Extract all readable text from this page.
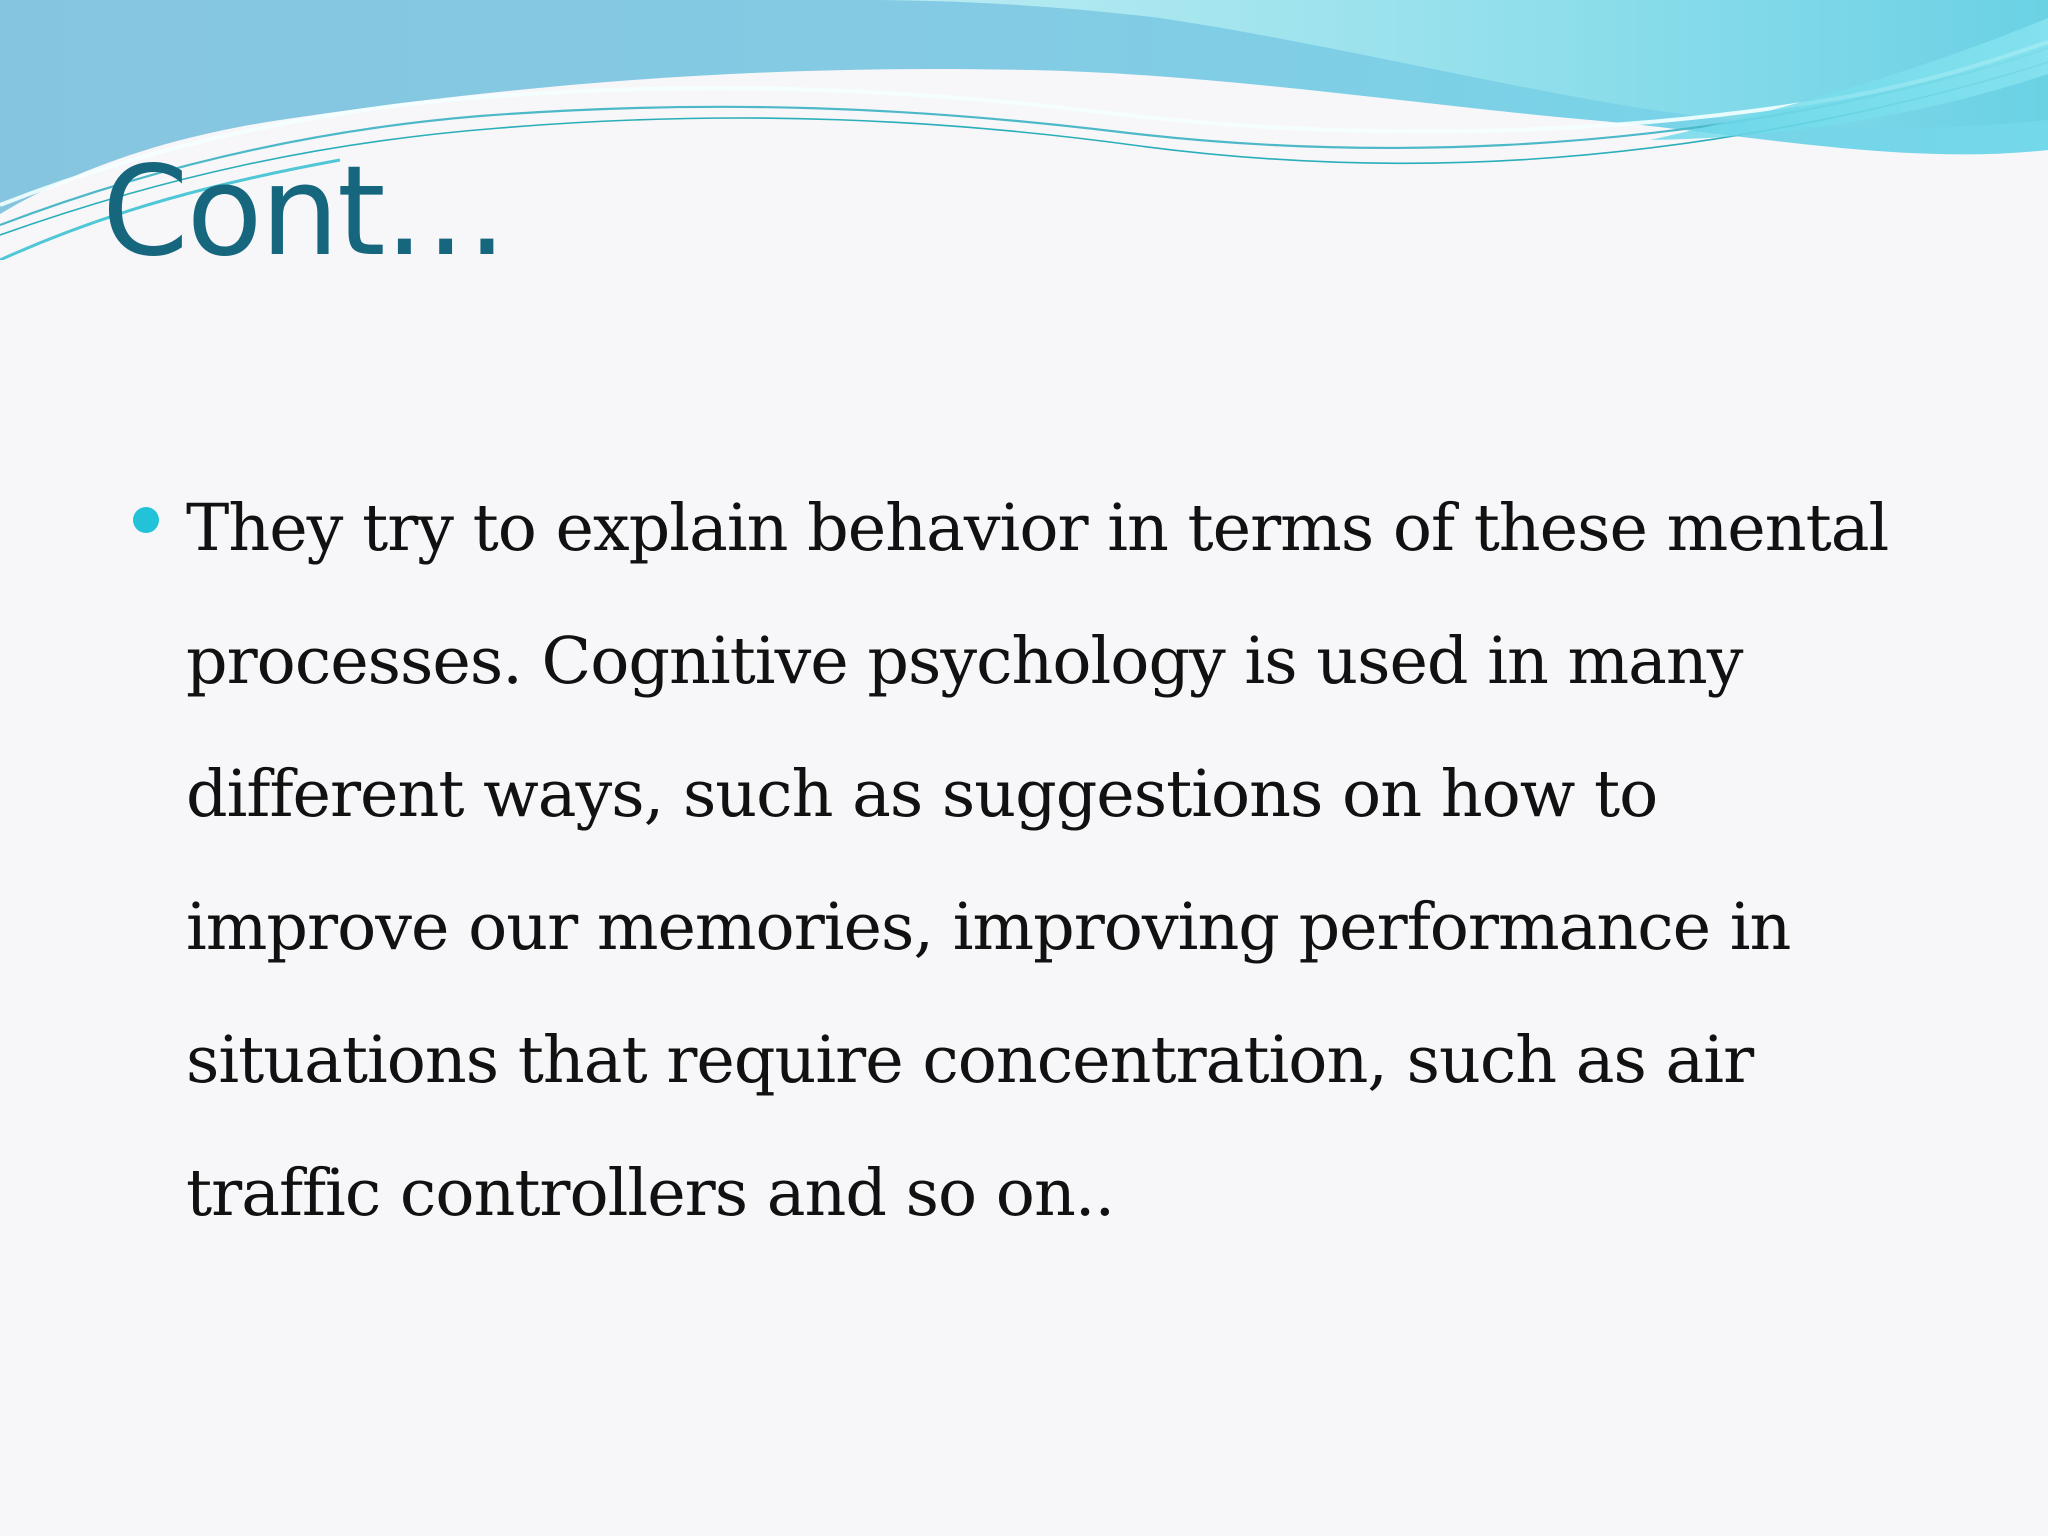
Cont…
They try to explain behavior in terms of these mental processes. Cognitive psychology is used in many different ways, such as suggestions on how to improve our memories, improving performance in situations that require concentration, such as air traffic controllers and so on..
